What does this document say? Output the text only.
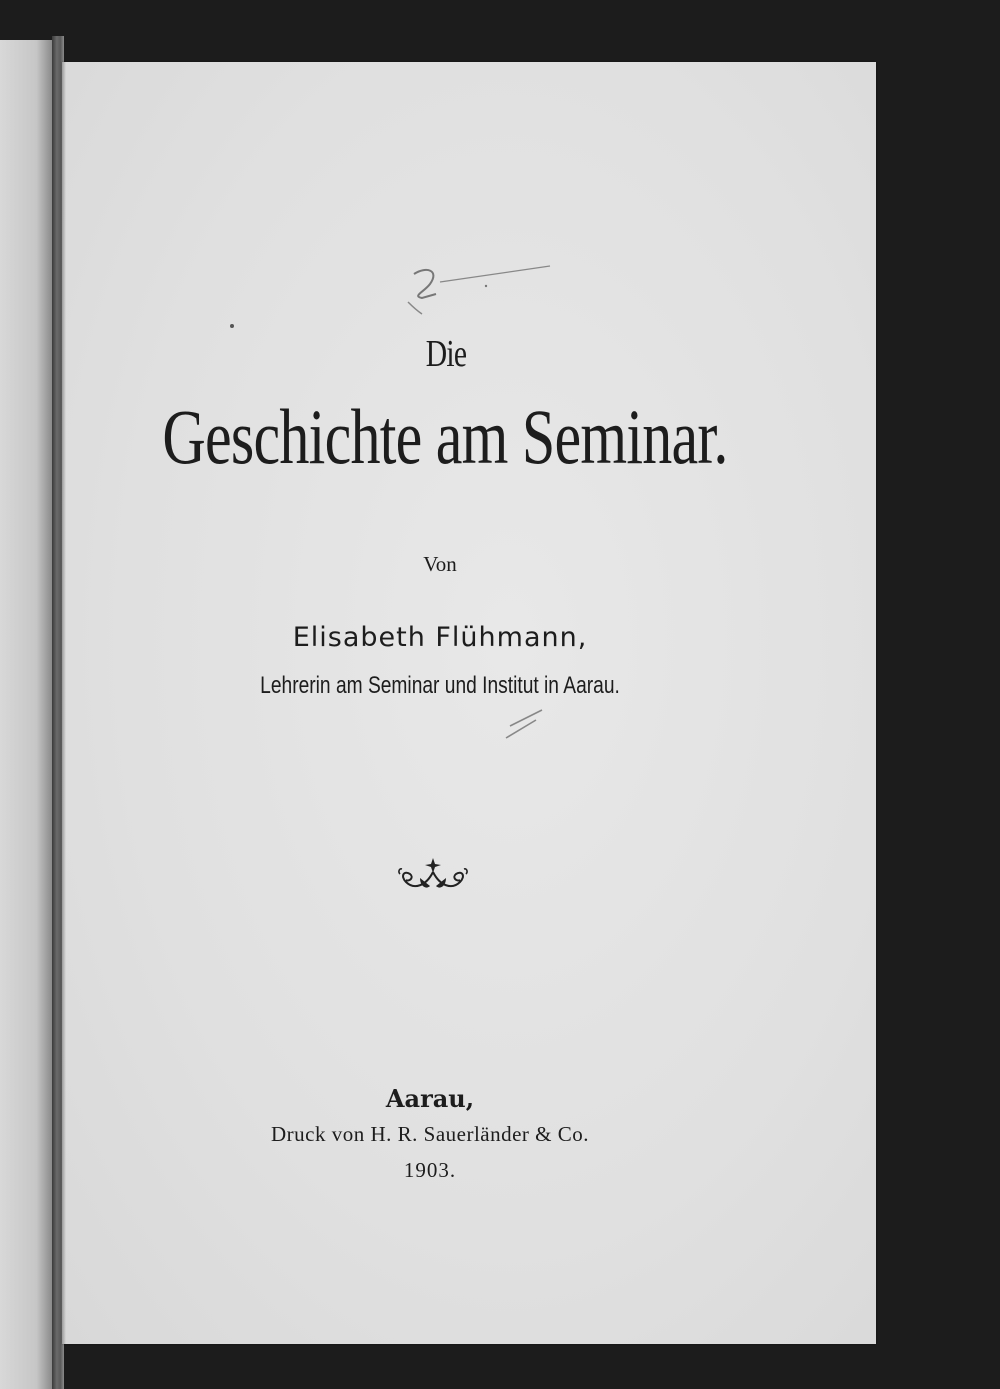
Die
Geschichte am Seminar.
Von
Elisabeth Flühmann,
Lehrerin am Seminar und Institut in Aarau.
Aarau,
Druck von H. R. Sauerländer & Co.
1903.
